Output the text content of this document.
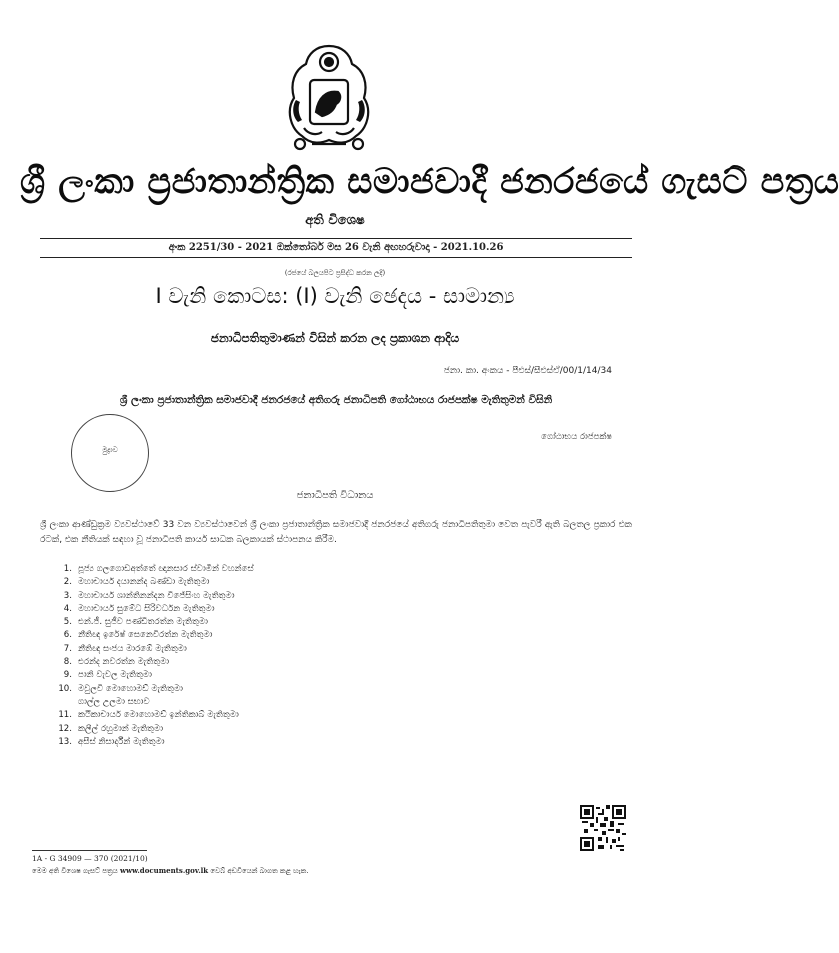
ශ්‍රී ලංකා ප්‍රජාතාන්ත්‍රික සමාජවාදී ජනරජයේ ගැසට් පත්‍රය
අති විශෙෂ
අංක 2251/30 - 2021 ඔක්තෝබර් මස 26 වැනි අඟහරුවාදා - 2021.10.26
(රජයේ බලයපිට ප්‍රසිද්ධ කරන ලදි)
I වැනි කොටස: (I) වැනි ඡෙදය - සාමාන්‍ය
ජනාධිපතිතුමාණන් විසින් කරන ලද ප්‍රකාශන ආදිය
ජනා. කා. අංකය - පීඑස්/සීඑස්ඒ/00/1/14/34
ශ්‍රී ලංකා ප්‍රජාතාන්ත්‍රික සමාජවාදී ජනරජයේ අතිගරු ජනාධිපති ගෝඨාභය රාජපක්ෂ මැතිතුමන් විසිනි
මුද්‍රාව
ගෝඨාභය රාජපක්ෂ
ජනාධිපති විධානය
ශ්‍රී ලංකා ආණ්ඩුක්‍රම ව්‍යවස්ථාවේ 33 වන ව්‍යවස්ථාවෙන් ශ්‍රී ලංකා ප්‍රජාතාන්ත්‍රික සමාජවාදී ජනරජයේ අතිගරු ජනාධිපතිතුමා වෙත පැවරී ඇති බලතල ප්‍රකාර එක රටක්, එක නීතියක් සඳහා වූ ජනාධිපති කාර්ය සාධක බලකායක් ස්ථාපනය කිරීම.
1. පූජ්‍ය ගලගොඩඅත්තේ ඥානසාර ස්වාමීන් වහන්සේ
2. මහාචාර්ය දයානන්ද බණ්ඩා මැතිතුමා
3. මහාචාර්ය ශාන්තිනන්දන විජේසිංහ මැතිතුමා
4. මහාචාර්ය සුමේධ සිරිවර්ධන මැතිතුමා
5. එන්.ජී. සුජීව පණ්ඩිතරත්න මැතිතුමා
6. නීතිඥ ඉරේෂ් සෙනෙවිරත්න මැතිතුමා
7. නීතිඥ සංජය මාරඹේ මැතිතුමා
8. එරන්ද නවරත්න මැතිතුමා
9. පානි වැවල මැතිතුමා
10. මවුලවි මොහොමඩ් මැතිතුමා
ගාල්ල උලමා සභාව
11. කථිකාචාර්ය මොහොමඩ් ඉන්තිකාබ් මැතිතුමා
12. කලීල් රහුමාන් මැතිතුමා
13. අසීස් නිසාර්දීන් මැතිතුමා
1A - G 34909 — 370 (2021/10)
මෙම අති විශෙෂ ගැසට් පත්‍රය www.documents.gov.lk වෙබ් අඩවියෙන් බාගත කළ හැක.
